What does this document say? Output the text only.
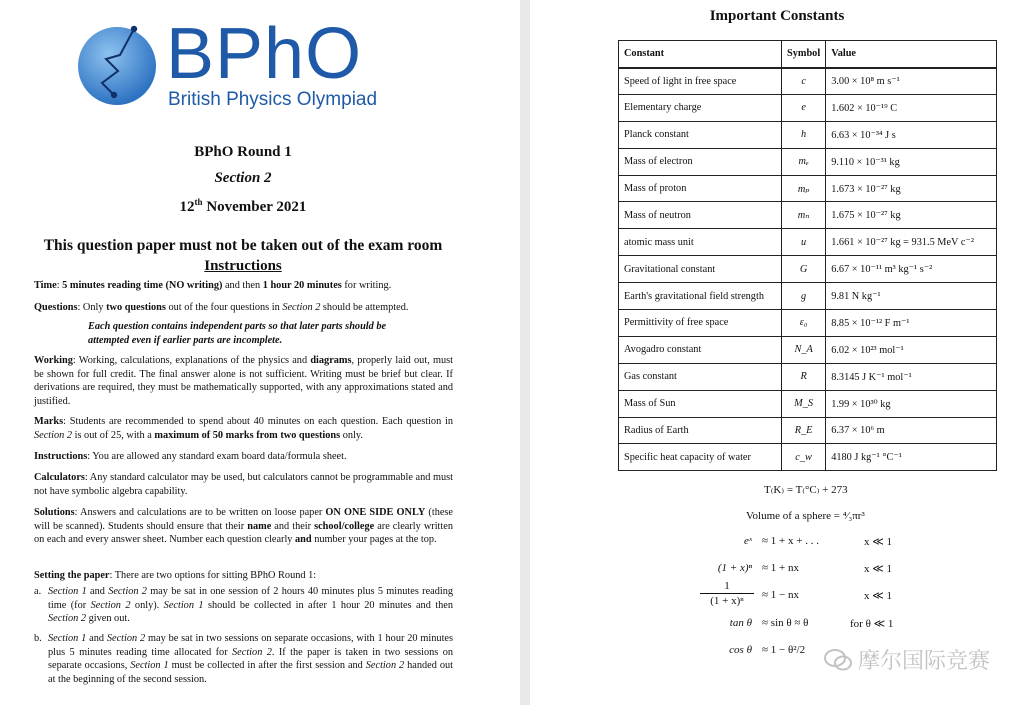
BPhO
British Physics Olympiad
BPhO Round 1
Section 2
12th November 2021
This question paper must not be taken out of the exam room
Instructions
Time: 5 minutes reading time (NO writing) and then 1 hour 20 minutes for writing.
Questions: Only two questions out of the four questions in Section 2 should be attempted.
Each question contains independent parts so that later parts should be attempted even if earlier parts are incomplete.
Working: Working, calculations, explanations of the physics and diagrams, properly laid out, must be shown for full credit. The final answer alone is not sufficient. Writing must be brief but clear. If derivations are required, they must be mathematically supported, with any approximations stated and justified.
Marks: Students are recommended to spend about 40 minutes on each question. Each question in Section 2 is out of 25, with a maximum of 50 marks from two questions only.
Instructions: You are allowed any standard exam board data/formula sheet.
Calculators: Any standard calculator may be used, but calculators cannot be programmable and must not have symbolic algebra capability.
Solutions: Answers and calculations are to be written on loose paper ON ONE SIDE ONLY (these will be scanned). Students should ensure that their name and their school/college are clearly written on each and every answer sheet. Number each question clearly and number your pages at the top.
Setting the paper: There are two options for sitting BPhO Round 1:
a. Section 1 and Section 2 may be sat in one session of 2 hours 40 minutes plus 5 minutes reading time (for Section 2 only). Section 1 should be collected in after 1 hour 20 minutes and then Section 2 given out.
b. Section 1 and Section 2 may be sat in two sessions on separate occasions, with 1 hour 20 minutes plus 5 minutes reading time allocated for Section 2. If the paper is taken in two sessions on separate occasions, Section 1 must be collected in after the first session and Section 2 handed out at the beginning of the second session.
Important Constants
Constant	Symbol	Value
Speed of light in free space	c	3.00 × 10⁸ m s⁻¹
Elementary charge	e	1.602 × 10⁻¹⁹ C
Planck constant	h	6.63 × 10⁻³⁴ J s
Mass of electron	mₑ	9.110 × 10⁻³¹ kg
Mass of proton	mₚ	1.673 × 10⁻²⁷ kg
Mass of neutron	mₙ	1.675 × 10⁻²⁷ kg
atomic mass unit	u	1.661 × 10⁻²⁷ kg = 931.5 MeV c⁻²
Gravitational constant	G	6.67 × 10⁻¹¹ m³ kg⁻¹ s⁻²
Earth's gravitational field strength	g	9.81 N kg⁻¹
Permittivity of free space	ε₀	8.85 × 10⁻¹² F m⁻¹
Avogadro constant	N_A	6.02 × 10²³ mol⁻¹
Gas constant	R	8.3145 J K⁻¹ mol⁻¹
Mass of Sun	M_S	1.99 × 10³⁰ kg
Radius of Earth	R_E	6.37 × 10⁶ m
Specific heat capacity of water	c_w	4180 J kg⁻¹ °C⁻¹
T₍K₎ = T₍°C₎ + 273
Volume of a sphere = ⁴⁄₃πr³
eˣ ≈ 1 + x + . . .	x ≪ 1
(1 + x)ⁿ ≈ 1 + nx	x ≪ 1
1
(1 + x)ⁿ	≈ 1 − nx	x ≪ 1
tan θ ≈ sin θ ≈ θ	for θ ≪ 1
cos θ ≈ 1 − θ²/2 摩尔国际竞赛
